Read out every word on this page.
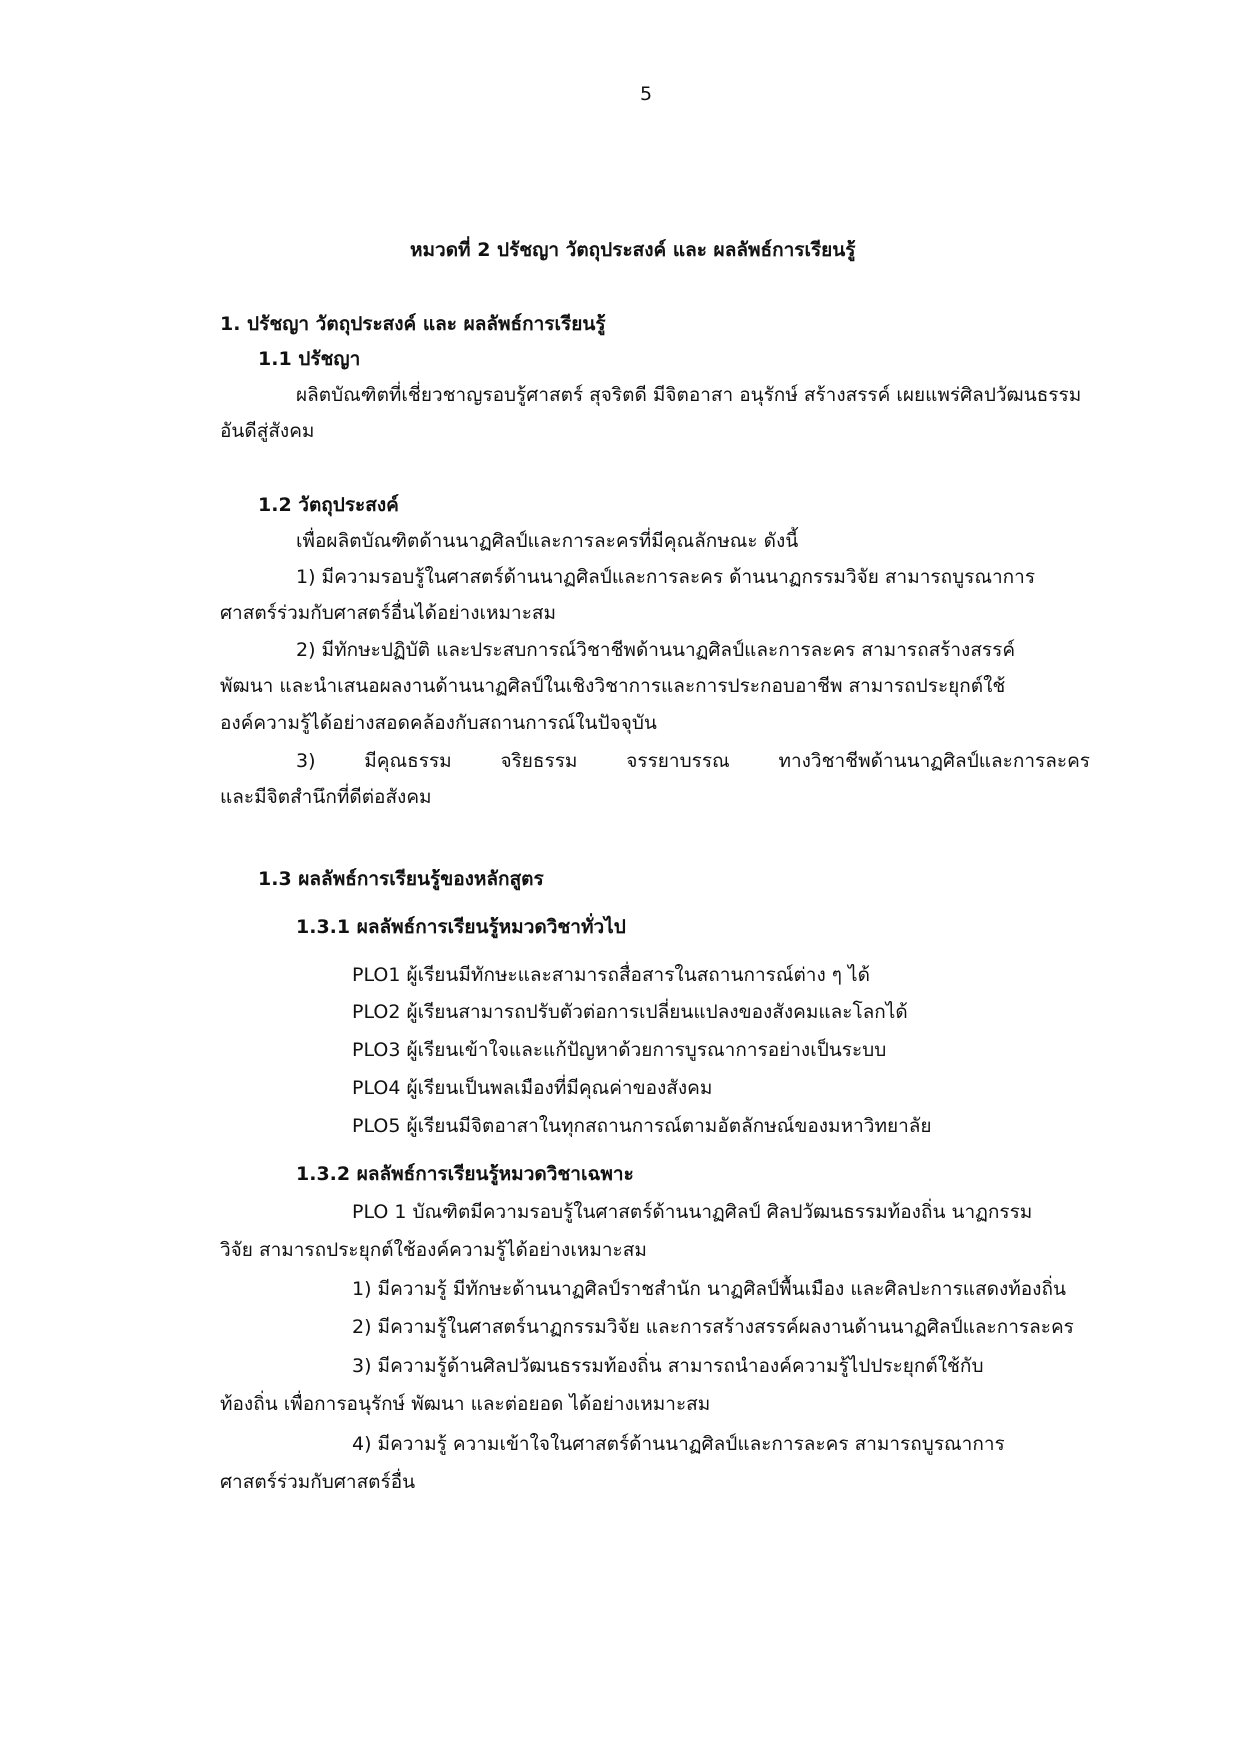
5
หมวดที่ 2 ปรัชญา วัตถุประสงค์ และ ผลลัพธ์การเรียนรู้
1. ปรัชญา วัตถุประสงค์ และ ผลลัพธ์การเรียนรู้
1.1 ปรัชญา
ผลิตบัณฑิตที่เชี่ยวชาญรอบรู้ศาสตร์ สุจริตดี มีจิตอาสา อนุรักษ์ สร้างสรรค์ เผยแพร่ศิลปวัฒนธรรม
อันดีสู่สังคม
1.2 วัตถุประสงค์
เพื่อผลิตบัณฑิตด้านนาฏศิลป์และการละครที่มีคุณลักษณะ ดังนี้
1) มีความรอบรู้ในศาสตร์ด้านนาฏศิลป์และการละคร ด้านนาฏกรรมวิจัย สามารถบูรณาการ
ศาสตร์ร่วมกับศาสตร์อื่นได้อย่างเหมาะสม
2) มีทักษะปฏิบัติ และประสบการณ์วิชาชีพด้านนาฏศิลป์และการละคร สามารถสร้างสรรค์
พัฒนา และนำเสนอผลงานด้านนาฏศิลป์ในเชิงวิชาการและการประกอบอาชีพ สามารถประยุกต์ใช้
องค์ความรู้ได้อย่างสอดคล้องกับสถานการณ์ในปัจจุบัน
3) มีคุณธรรม จริยธรรม จรรยาบรรณ ทางวิชาชีพด้านนาฏศิลป์และการละคร
และมีจิตสำนึกที่ดีต่อสังคม
1.3 ผลลัพธ์การเรียนรู้ของหลักสูตร
1.3.1 ผลลัพธ์การเรียนรู้หมวดวิชาทั่วไป
PLO1 ผู้เรียนมีทักษะและสามารถสื่อสารในสถานการณ์ต่าง ๆ ได้
PLO2 ผู้เรียนสามารถปรับตัวต่อการเปลี่ยนแปลงของสังคมและโลกได้
PLO3 ผู้เรียนเข้าใจและแก้ปัญหาด้วยการบูรณาการอย่างเป็นระบบ
PLO4 ผู้เรียนเป็นพลเมืองที่มีคุณค่าของสังคม
PLO5 ผู้เรียนมีจิตอาสาในทุกสถานการณ์ตามอัตลักษณ์ของมหาวิทยาลัย
1.3.2 ผลลัพธ์การเรียนรู้หมวดวิชาเฉพาะ
PLO 1 บัณฑิตมีความรอบรู้ในศาสตร์ด้านนาฏศิลป์ ศิลปวัฒนธรรมท้องถิ่น นาฏกรรม
วิจัย สามารถประยุกต์ใช้องค์ความรู้ได้อย่างเหมาะสม
1) มีความรู้ มีทักษะด้านนาฏศิลป์ราชสำนัก นาฏศิลป์พื้นเมือง และศิลปะการแสดงท้องถิ่น
2) มีความรู้ในศาสตร์นาฏกรรมวิจัย และการสร้างสรรค์ผลงานด้านนาฏศิลป์และการละคร
3) มีความรู้ด้านศิลปวัฒนธรรมท้องถิ่น สามารถนำองค์ความรู้ไปประยุกต์ใช้กับ
ท้องถิ่น เพื่อการอนุรักษ์ พัฒนา และต่อยอด ได้อย่างเหมาะสม
4) มีความรู้ ความเข้าใจในศาสตร์ด้านนาฏศิลป์และการละคร สามารถบูรณาการ
ศาสตร์ร่วมกับศาสตร์อื่น
